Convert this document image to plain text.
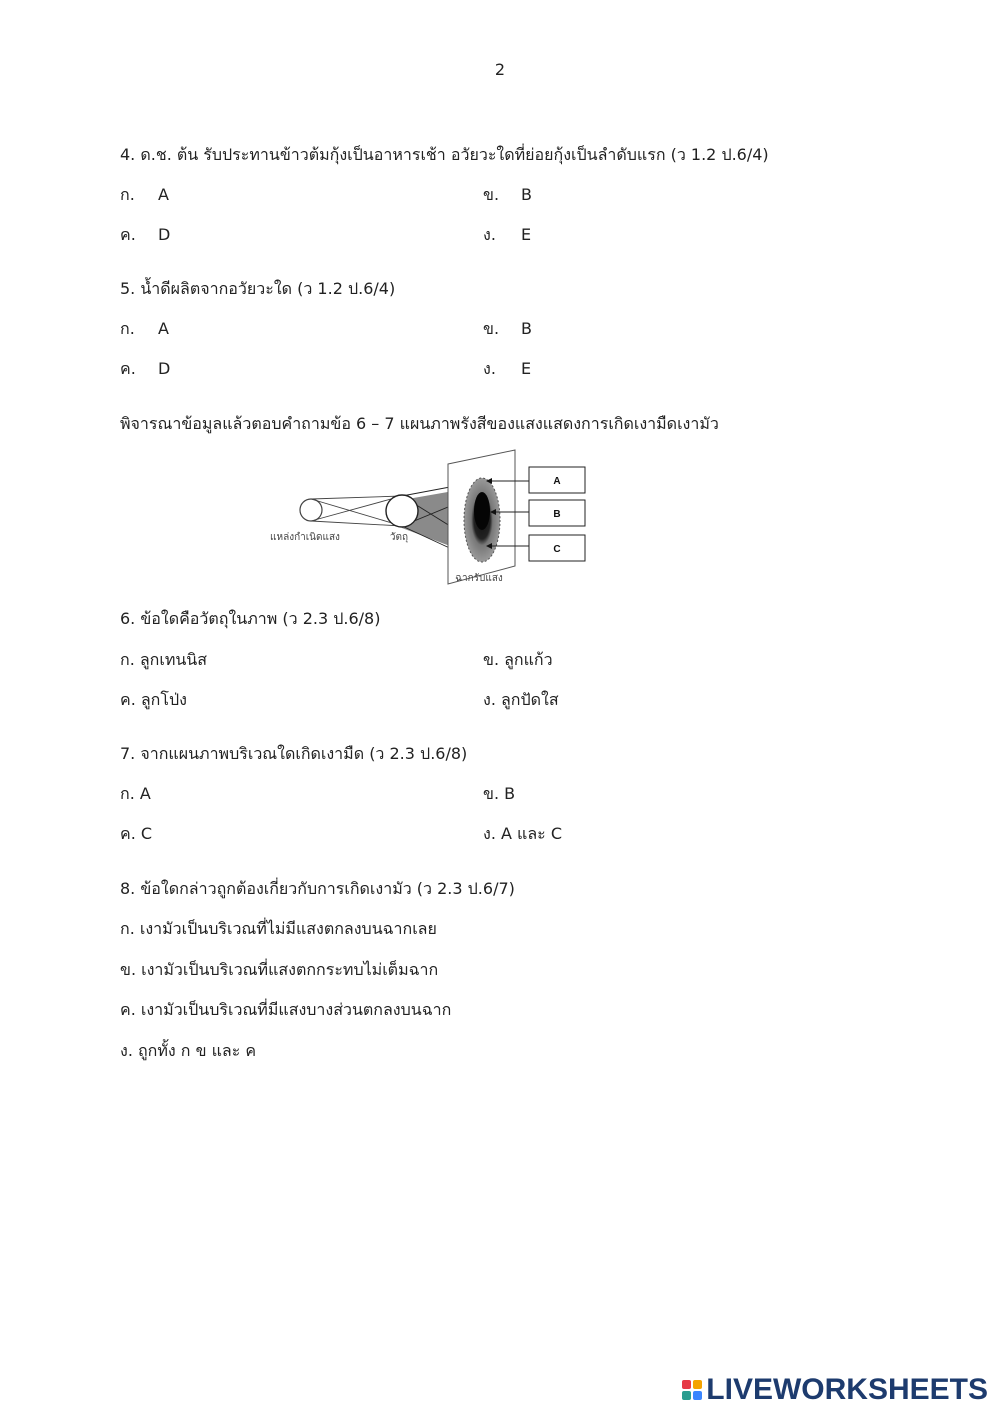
2
4. ด.ช. ต้น รับประทานข้าวต้มกุ้งเป็นอาหารเช้า อวัยวะใดที่ย่อยกุ้งเป็นลำดับแรก (ว 1.2 ป.6/4)
ก. A	ข. B
ค. D	ง. E
5. น้ำดีผลิตจากอวัยวะใด (ว 1.2 ป.6/4)
ก. A	ข. B
ค. D	ง. E
พิจารณาข้อมูลแล้วตอบคำถามข้อ 6 – 7 แผนภาพรังสีของแสงแสดงการเกิดเงามืดเงามัว
A
B
C
แหล่งกำเนิดแสง	วัตถุ
ฉากรับแสง
6. ข้อใดคือวัตถุในภาพ (ว 2.3 ป.6/8)
ก. ลูกเทนนิส	ข. ลูกแก้ว
ค. ลูกโป่ง	ง. ลูกปัดใส
7. จากแผนภาพบริเวณใดเกิดเงามืด (ว 2.3 ป.6/8)
ก. A	ข. B
ค. C	ง. A และ C
8. ข้อใดกล่าวถูกต้องเกี่ยวกับการเกิดเงามัว (ว 2.3 ป.6/7)
ก. เงามัวเป็นบริเวณที่ไม่มีแสงตกลงบนฉากเลย
ข. เงามัวเป็นบริเวณที่แสงตกกระทบไม่เต็มฉาก
ค. เงามัวเป็นบริเวณที่มีแสงบางส่วนตกลงบนฉาก
ง. ถูกทั้ง ก ข และ ค
LIVEWORKSHEETS
